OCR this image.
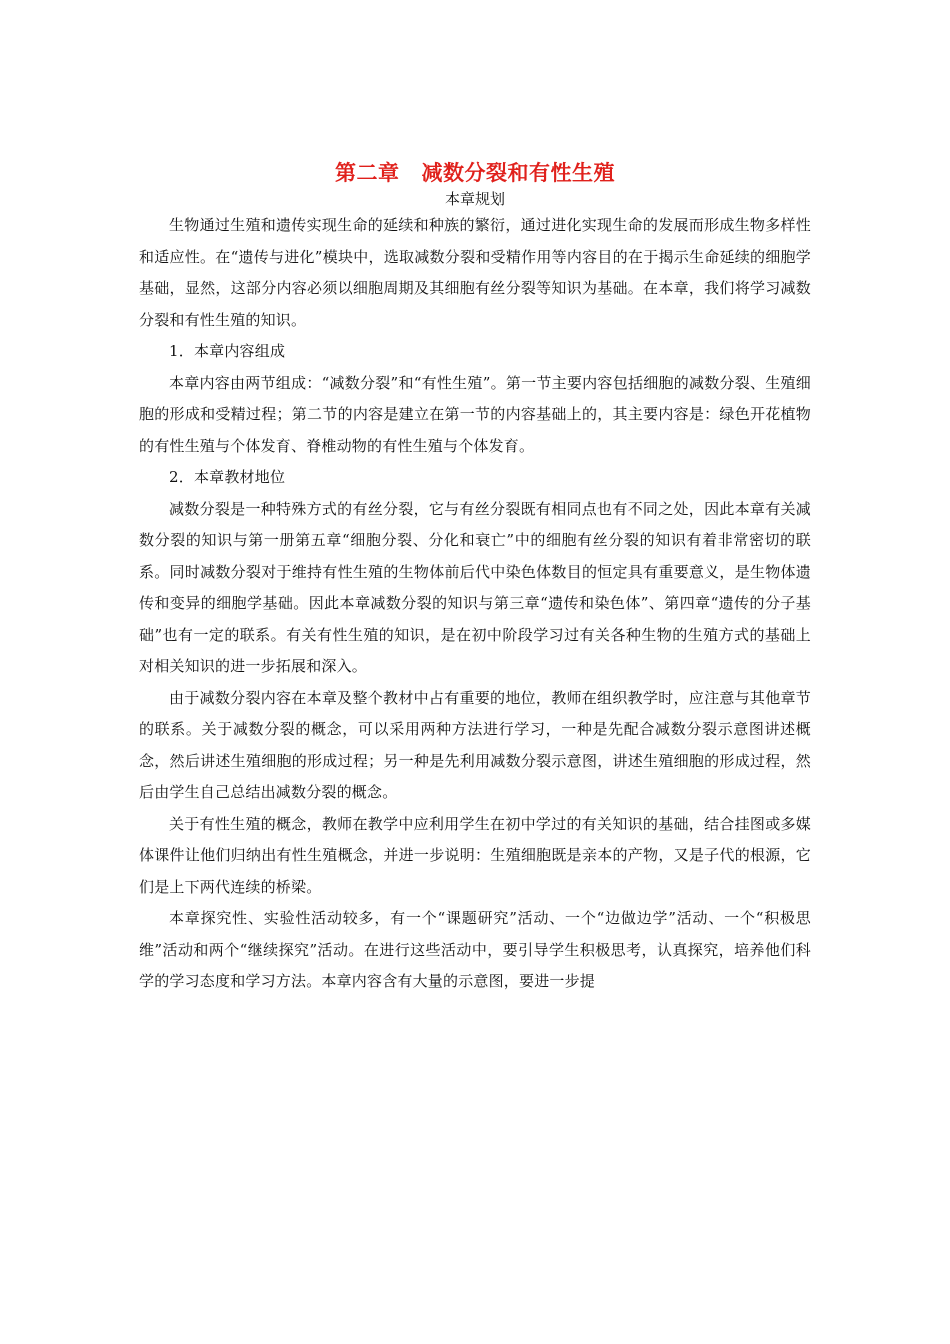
第二章 减数分裂和有性生殖
本章规划

生物通过生殖和遗传实现生命的延续和种族的繁衍，通过进化实现生命的发展而形成生物多样性和适应性。在“遗传与进化”模块中，选取减数分裂和受精作用等内容目的在于揭示生命延续的细胞学基础，显然，这部分内容必须以细胞周期及其细胞有丝分裂等知识为基础。在本章，我们将学习减数分裂和有性生殖的知识。

1．本章内容组成

本章内容由两节组成：“减数分裂”和“有性生殖”。第一节主要内容包括细胞的减数分裂、生殖细胞的形成和受精过程；第二节的内容是建立在第一节的内容基础上的，其主要内容是：绿色开花植物的有性生殖与个体发育、脊椎动物的有性生殖与个体发育。

2．本章教材地位

减数分裂是一种特殊方式的有丝分裂，它与有丝分裂既有相同点也有不同之处，因此本章有关减数分裂的知识与第一册第五章“细胞分裂、分化和衰亡”中的细胞有丝分裂的知识有着非常密切的联系。同时减数分裂对于维持有性生殖的生物体前后代中染色体数目的恒定具有重要意义，是生物体遗传和变异的细胞学基础。因此本章减数分裂的知识与第三章“遗传和染色体”、第四章“遗传的分子基础”也有一定的联系。有关有性生殖的知识，是在初中阶段学习过有关各种生物的生殖方式的基础上对相关知识的进一步拓展和深入。

由于减数分裂内容在本章及整个教材中占有重要的地位，教师在组织教学时，应注意与其他章节的联系。关于减数分裂的概念，可以采用两种方法进行学习，一种是先配合减数分裂示意图讲述概念，然后讲述生殖细胞的形成过程；另一种是先利用减数分裂示意图，讲述生殖细胞的形成过程，然后由学生自己总结出减数分裂的概念。

关于有性生殖的概念，教师在教学中应利用学生在初中学过的有关知识的基础，结合挂图或多媒体课件让他们归纳出有性生殖概念，并进一步说明：生殖细胞既是亲本的产物，又是子代的根源，它们是上下两代连续的桥梁。

本章探究性、实验性活动较多，有一个“课题研究”活动、一个“边做边学”活动、一个“积极思维”活动和两个“继续探究”活动。在进行这些活动中，要引导学生积极思考，认真探究，培养他们科学的学习态度和学习方法。本章内容含有大量的示意图，要进一步提
